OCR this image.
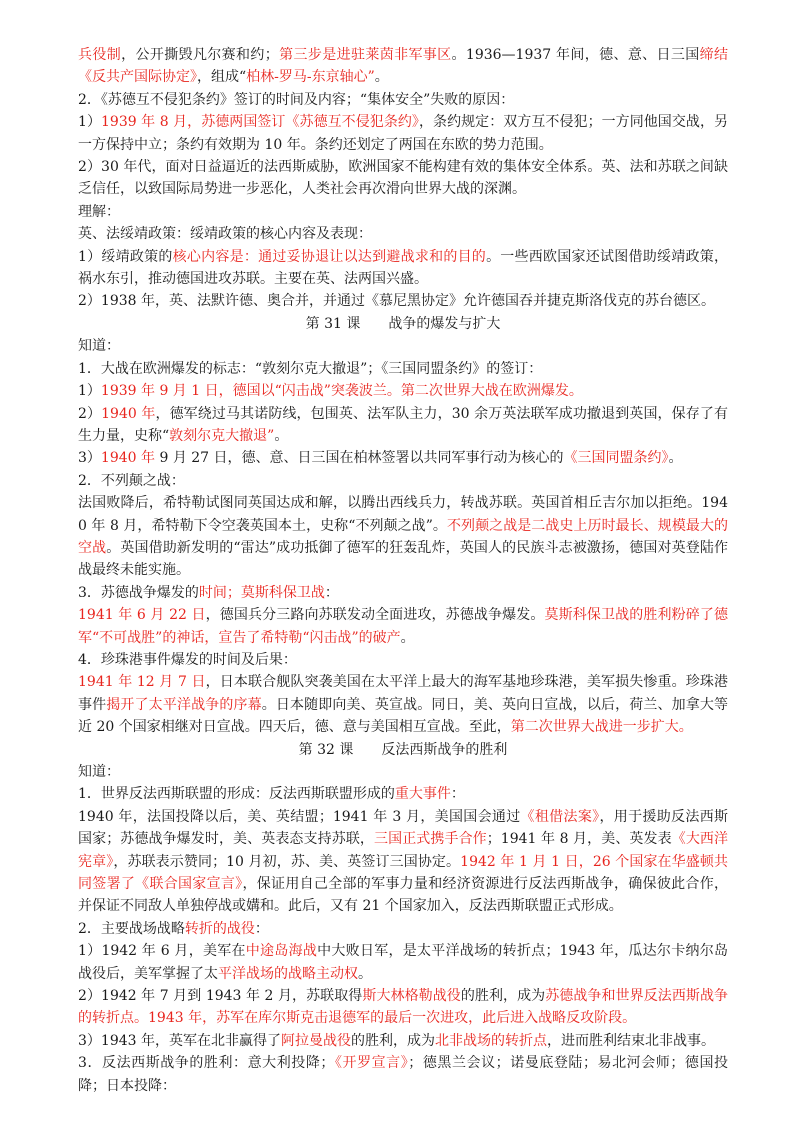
兵役制，公开撕毁凡尔赛和约；第三步是进驻莱茵非军事区。1936—1937 年间，德、意、日三国缔结《反共产国际协定》，组成“柏林-罗马-东京轴心”。

2．《苏德互不侵犯条约》签订的时间及内容；“集体安全”失败的原因：

1）1939 年 8 月，苏德两国签订《苏德互不侵犯条约》，条约规定：双方互不侵犯；一方同他国交战，另一方保持中立；条约有效期为 10 年。条约还划定了两国在东欧的势力范围。

2）30 年代，面对日益逼近的法西斯威胁，欧洲国家不能构建有效的集体安全体系。英、法和苏联之间缺乏信任，以致国际局势进一步恶化，人类社会再次滑向世界大战的深渊。

理解：

英、法绥靖政策：绥靖政策的核心内容及表现：

1）绥靖政策的核心内容是：通过妥协退让以达到避战求和的目的。一些西欧国家还试图借助绥靖政策，祸水东引，推动德国进攻苏联。主要在英、法两国兴盛。

2）1938 年，英、法默许德、奥合并，并通过《慕尼黑协定》允许德国吞并捷克斯洛伐克的苏台德区。

第 31 课　　战争的爆发与扩大

知道：

1．大战在欧洲爆发的标志：“敦刻尔克大撤退”；《三国同盟条约》的签订：

1）1939 年 9 月 1 日，德国以“闪击战”突袭波兰。第二次世界大战在欧洲爆发。

2）1940 年，德军绕过马其诺防线，包围英、法军队主力，30 余万英法联军成功撤退到英国，保存了有生力量，史称“敦刻尔克大撤退”。

3）1940 年 9 月 27 日，德、意、日三国在柏林签署以共同军事行动为核心的《三国同盟条约》。

2．不列颠之战：

法国败降后，希特勒试图同英国达成和解，以腾出西线兵力，转战苏联。英国首相丘吉尔加以拒绝。1940 年 8 月，希特勒下令空袭英国本土，史称“不列颠之战”。不列颠之战是二战史上历时最长、规模最大的空战。英国借助新发明的“雷达”成功抵御了德军的狂轰乱炸，英国人的民族斗志被激扬，德国对英登陆作战最终未能实施。

3．苏德战争爆发的时间；莫斯科保卫战：

1941 年 6 月 22 日，德国兵分三路向苏联发动全面进攻，苏德战争爆发。莫斯科保卫战的胜利粉碎了德军“不可战胜”的神话，宣告了希特勒“闪击战”的破产。

4．珍珠港事件爆发的时间及后果：

1941 年 12 月 7 日，日本联合舰队突袭美国在太平洋上最大的海军基地珍珠港，美军损失惨重。珍珠港事件揭开了太平洋战争的序幕。日本随即向美、英宣战。同日，美、英向日宣战，以后，荷兰、加拿大等近 20 个国家相继对日宣战。四天后，德、意与美国相互宣战。至此，第二次世界大战进一步扩大。

第 32 课　　反法西斯战争的胜利

知道：

1．世界反法西斯联盟的形成：反法西斯联盟形成的重大事件：

1940 年，法国投降以后，美、英结盟；1941 年 3 月，美国国会通过《租借法案》，用于援助反法西斯国家；苏德战争爆发时，美、英表态支持苏联，三国正式携手合作；1941 年 8 月，美、英发表《大西洋宪章》，苏联表示赞同；10 月初，苏、美、英签订三国协定。1942 年 1 月 1 日，26 个国家在华盛顿共同签署了《联合国家宣言》，保证用自己全部的军事力量和经济资源进行反法西斯战争，确保彼此合作，并保证不同敌人单独停战或媾和。此后，又有 21 个国家加入，反法西斯联盟正式形成。

2．主要战场战略转折的战役：

1）1942 年 6 月，美军在中途岛海战中大败日军，是太平洋战场的转折点；1943 年，瓜达尔卡纳尔岛战役后，美军掌握了太平洋战场的战略主动权。

2）1942 年 7 月到 1943 年 2 月，苏联取得斯大林格勒战役的胜利，成为苏德战争和世界反法西斯战争的转折点。1943 年，苏军在库尔斯克击退德军的最后一次进攻，此后进入战略反攻阶段。

3）1943 年，英军在北非赢得了阿拉曼战役的胜利，成为北非战场的转折点，进而胜利结束北非战事。

3．反法西斯战争的胜利：意大利投降；《开罗宣言》；德黑兰会议；诺曼底登陆；易北河会师；德国投降；日本投降：
